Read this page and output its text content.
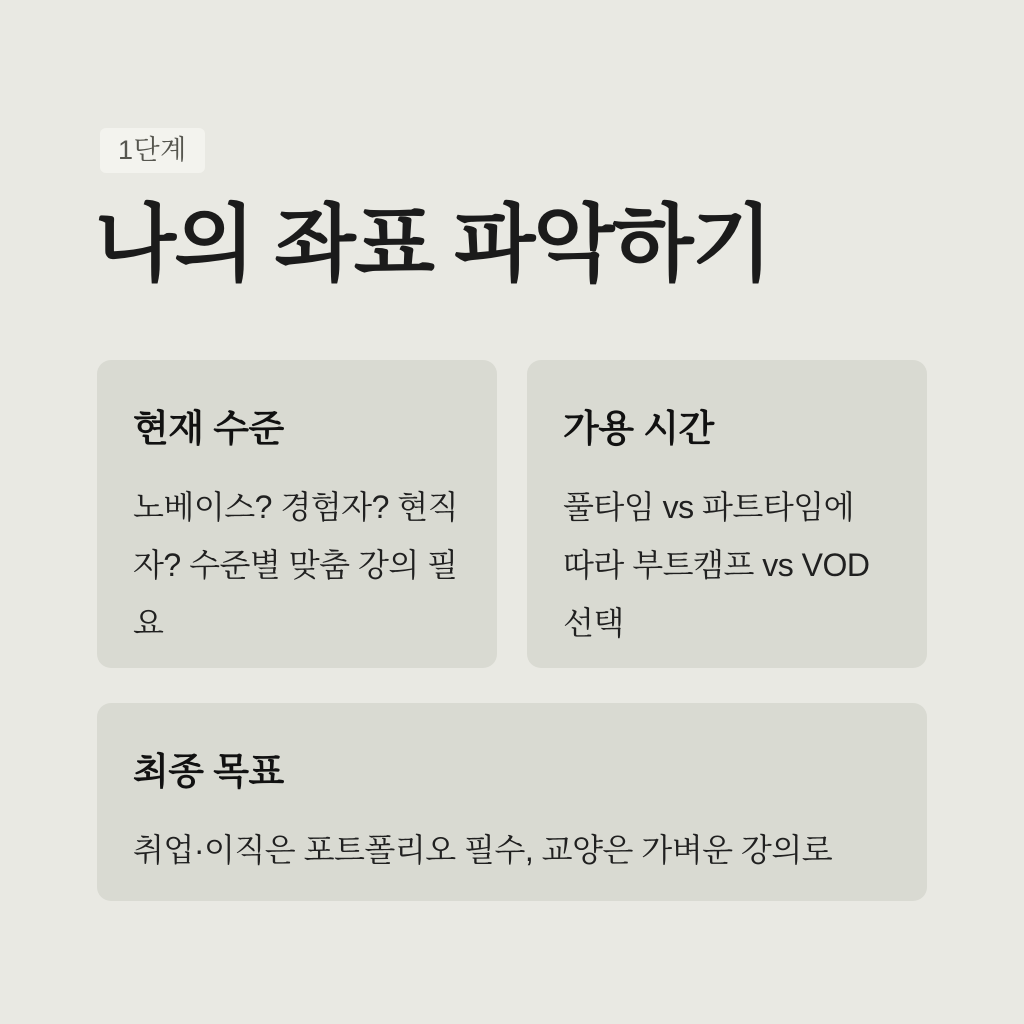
1단계
나의 좌표 파악하기
현재 수준
노베이스? 경험자? 현직자? 수준별 맞춤 강의 필요
가용 시간
풀타임 vs 파트타임에 따라 부트캠프 vs VOD 선택
최종 목표
취업·이직은 포트폴리오 필수, 교양은 가벼운 강의로
